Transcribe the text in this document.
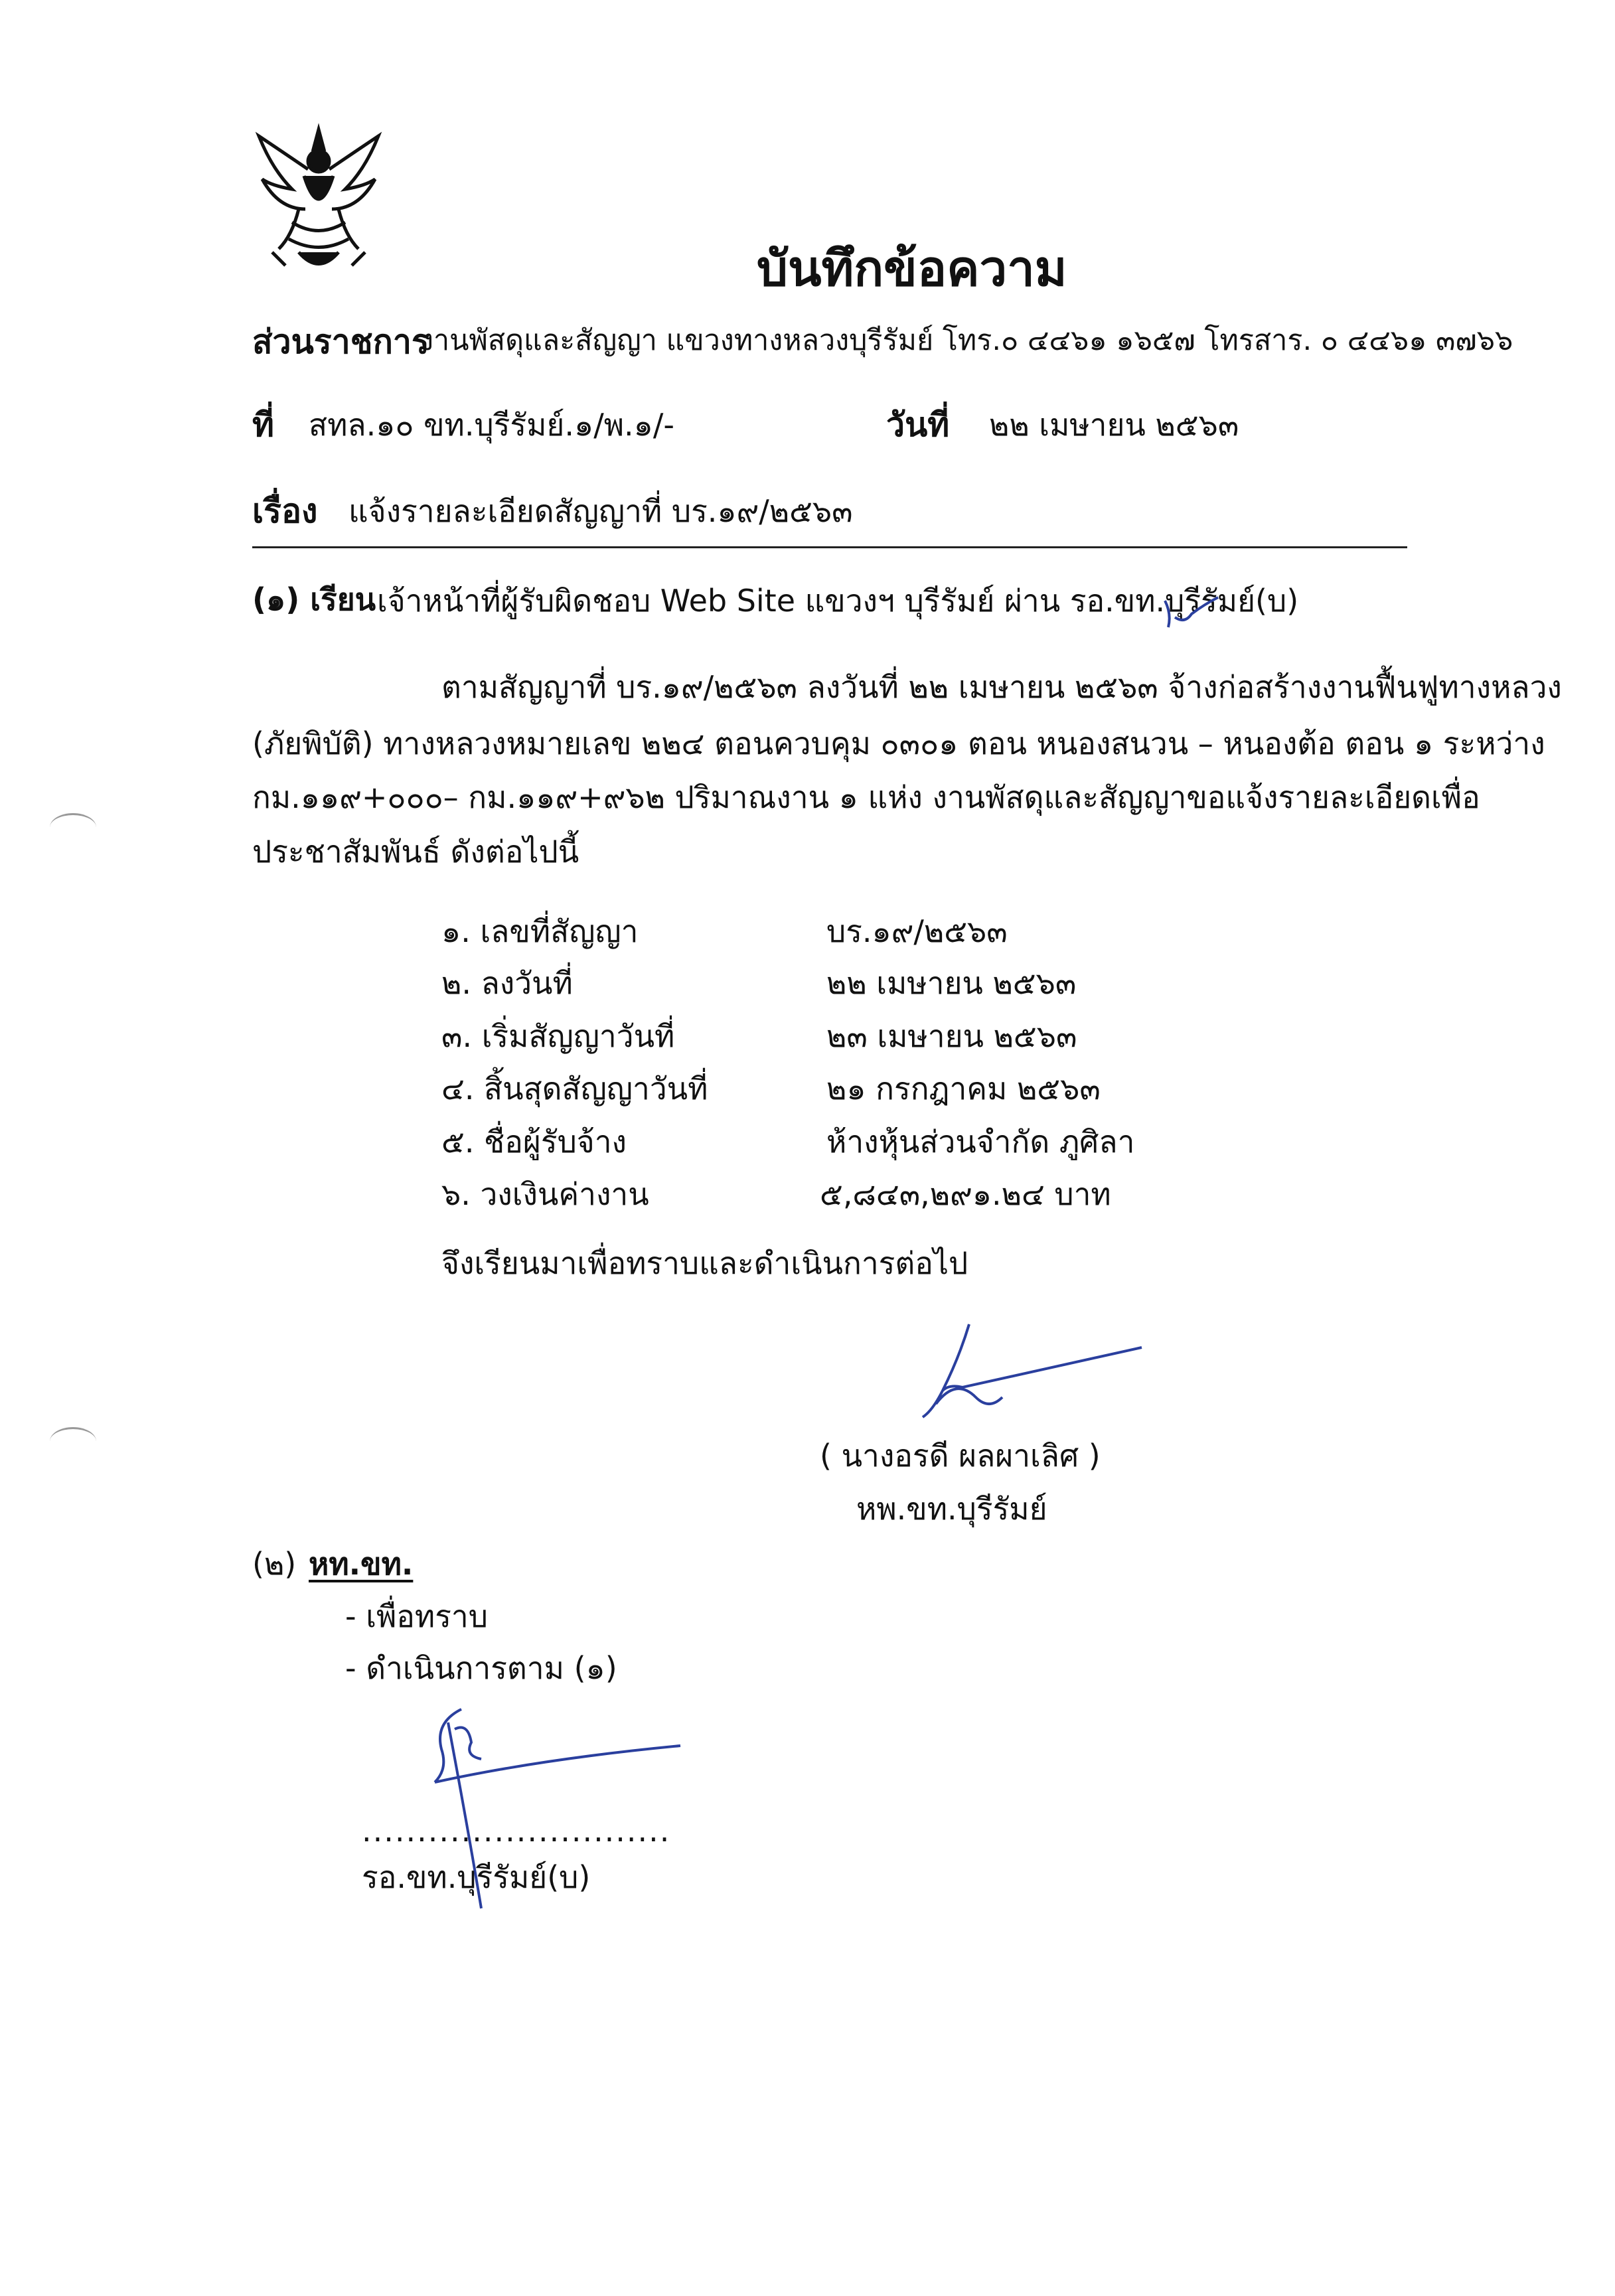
บันทึกข้อความ
ส่วนราชการ
งานพัสดุและสัญญา แขวงทางหลวงบุรีรัมย์ โทร.๐ ๔๔๖๑ ๑๖๕๗ โทรสาร. ๐ ๔๔๖๑ ๓๗๖๖
ที่ สทล.๑๐ ขท.บุรีรัมย์.๑/พ.๑/-	วันที่ ๒๒ เมษายน ๒๕๖๓
เรื่อง แจ้งรายละเอียดสัญญาที่ บร.๑๙/๒๕๖๓
(๑) เรียน เจ้าหน้าที่ผู้รับผิดชอบ Web Site แขวงฯ บุรีรัมย์ ผ่าน รอ.ขท.บุรีรัมย์(บ)
ตามสัญญาที่ บร.๑๙/๒๕๖๓ ลงวันที่ ๒๒ เมษายน ๒๕๖๓ จ้างก่อสร้างงานฟื้นฟูทางหลวง
(ภัยพิบัติ) ทางหลวงหมายเลข ๒๒๔ ตอนควบคุม ๐๓๐๑ ตอน หนองสนวน – หนองต้อ ตอน ๑ ระหว่าง
กม.๑๑๙+๐๐๐– กม.๑๑๙+๙๖๒ ปริมาณงาน ๑ แห่ง งานพัสดุและสัญญาขอแจ้งรายละเอียดเพื่อ
ประชาสัมพันธ์ ดังต่อไปนี้
๑. เลขที่สัญญา	บร.๑๙/๒๕๖๓
๒. ลงวันที่	๒๒ เมษายน ๒๕๖๓
๓. เริ่มสัญญาวันที่	๒๓ เมษายน ๒๕๖๓
๔. สิ้นสุดสัญญาวันที่	๒๑ กรกฎาคม ๒๕๖๓
๕. ชื่อผู้รับจ้าง	ห้างหุ้นส่วนจำกัด ภูศิลา
๖. วงเงินค่างาน	๕,๘๔๓,๒๙๑.๒๔ บาท
จึงเรียนมาเพื่อทราบและดำเนินการต่อไป
( นางอรดี ผลผาเลิศ )
หพ.ขท.บุรีรัมย์
(๒) หท.ขท.
- เพื่อทราบ
- ดำเนินการตาม (๑)
............................
รอ.ขท.บุรีรัมย์(บ)
